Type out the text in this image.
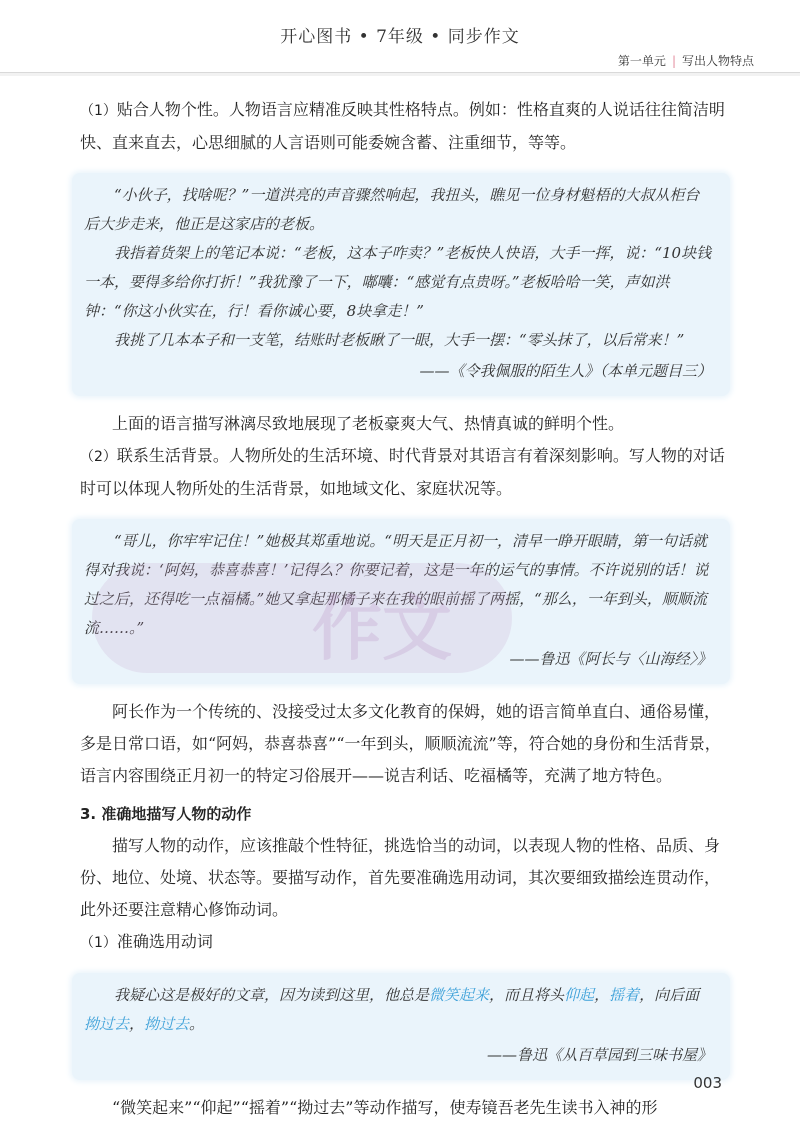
开心图书 • 7年级 • 同步作文
第一单元 | 写出人物特点

（1）贴合人物个性。人物语言应精准反映其性格特点。例如：性格直爽的人说话往往简洁明快、直来直去，心思细腻的人言语则可能委婉含蓄、注重细节，等等。

“小伙子，找啥呢？”一道洪亮的声音骤然响起，我扭头，瞧见一位身材魁梧的大叔从柜台后大步走来，他正是这家店的老板。

我指着货架上的笔记本说：“老板，这本子咋卖？”老板快人快语，大手一挥，说：“10块钱一本，要得多给你打折！”我犹豫了一下，嘟囔：“感觉有点贵呀。”老板哈哈一笑，声如洪钟：“你这小伙实在，行！看你诚心要，8块拿走！”

我挑了几本本子和一支笔，结账时老板瞅了一眼，大手一摆：“零头抹了，以后常来！”

——《令我佩服的陌生人》（本单元题目三）

上面的语言描写淋漓尽致地展现了老板豪爽大气、热情真诚的鲜明个性。

（2）联系生活背景。人物所处的生活环境、时代背景对其语言有着深刻影响。写人物的对话时可以体现人物所处的生活背景，如地域文化、家庭状况等。

作文

“哥儿，你牢牢记住！”她极其郑重地说。“明天是正月初一，清早一睁开眼睛，第一句话就得对我说：‘阿妈，恭喜恭喜！’记得么？你要记着，这是一年的运气的事情。不许说别的话！说过之后，还得吃一点福橘。”她又拿起那橘子来在我的眼前摇了两摇，“那么，一年到头，顺顺流流……。”

——鲁迅《阿长与〈山海经〉》

阿长作为一个传统的、没接受过太多文化教育的保姆，她的语言简单直白、通俗易懂，多是日常口语，如“阿妈，恭喜恭喜”“一年到头，顺顺流流”等，符合她的身份和生活背景，语言内容围绕正月初一的特定习俗展开——说吉利话、吃福橘等，充满了地方特色。

3. 准确地描写人物的动作

描写人物的动作，应该推敲个性特征，挑选恰当的动词，以表现人物的性格、品质、身份、地位、处境、状态等。要描写动作，首先要准确选用动词，其次要细致描绘连贯动作，此外还要注意精心修饰动词。

（1）准确选用动词

我疑心这是极好的文章，因为读到这里，他总是微笑起来，而且将头仰起，摇着，向后面拗过去，拗过去。

——鲁迅《从百草园到三味书屋》

“微笑起来”“仰起”“摇着”“拗过去”等动作描写，使寿镜吾老先生读书入神的形

003
